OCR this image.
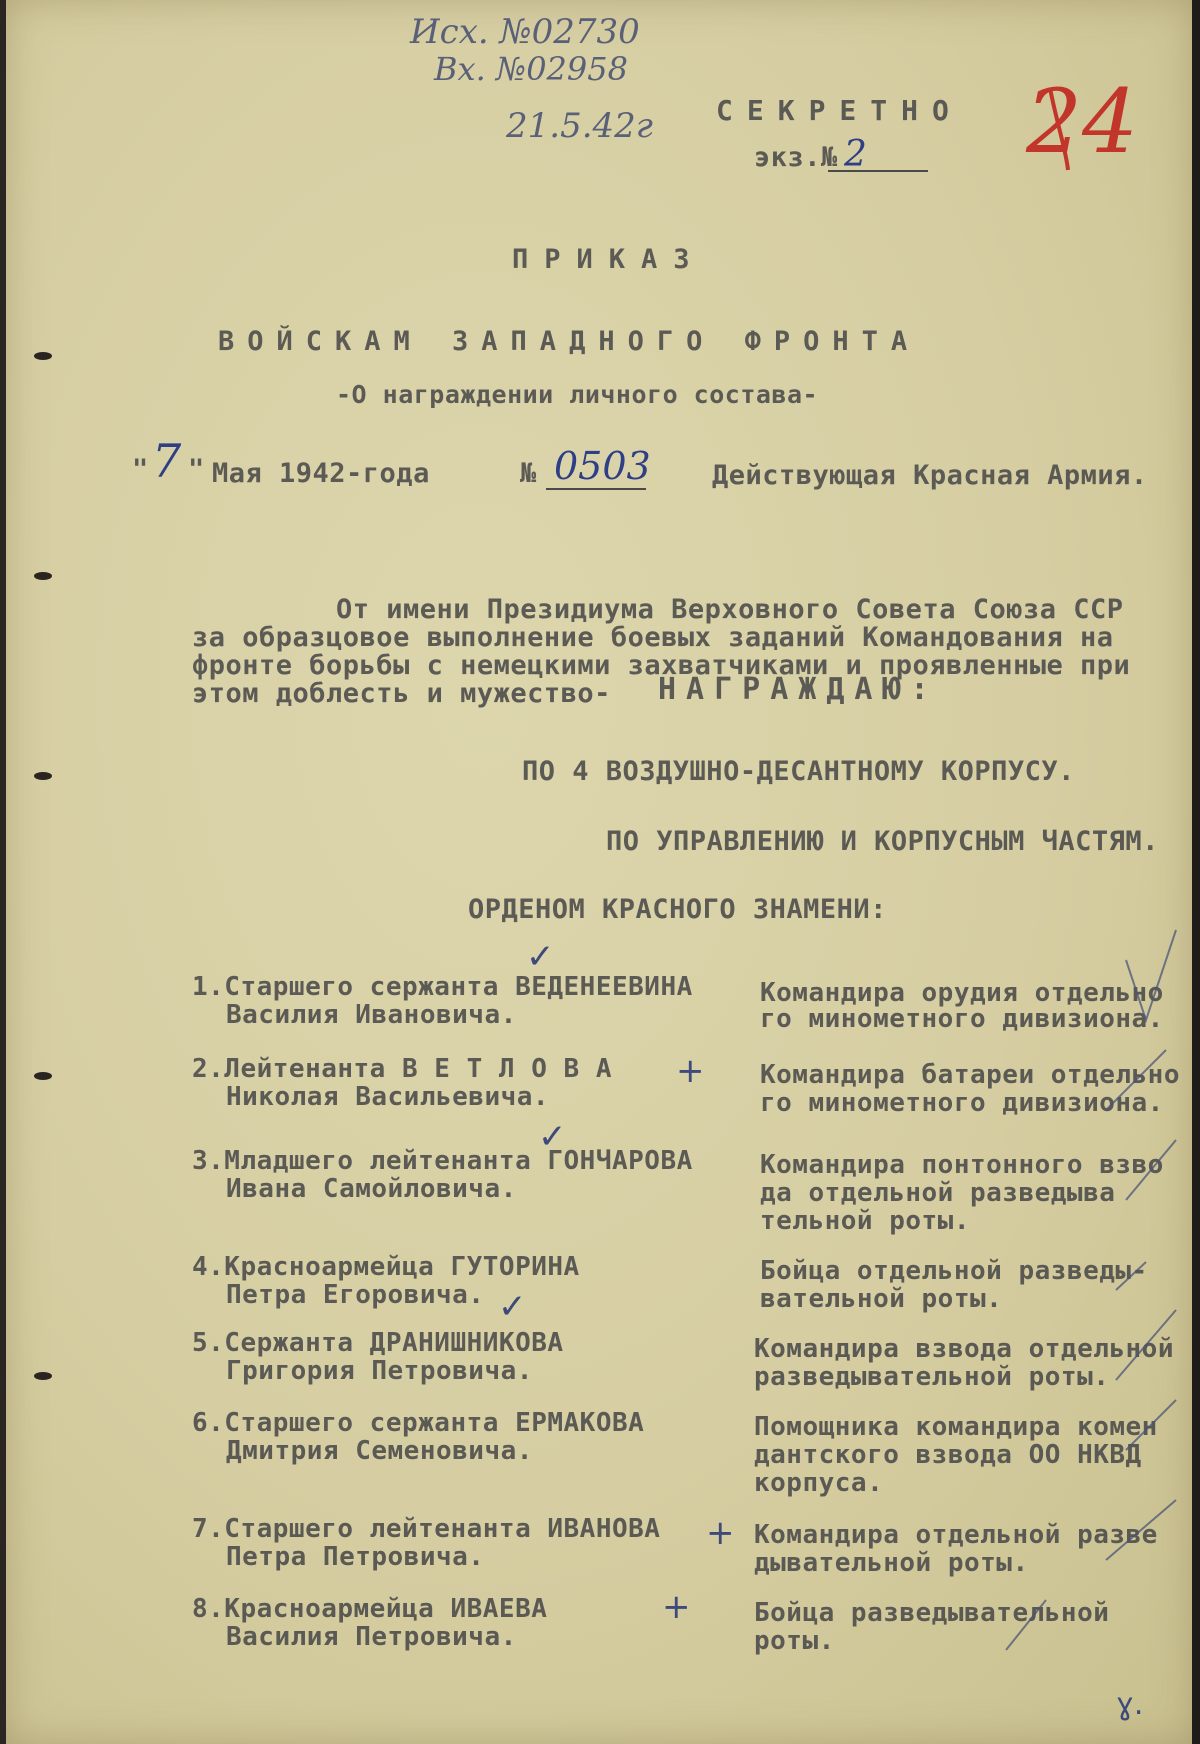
Исх. №02730
Вх. №02958
21.5.42г	24
СЕКРЕТНО
экз.№ 2
ПРИКАЗ
ВОЙСКАМ ЗАПАДНОГО ФРОНТА
-О награждении личного состава-
" 7 " Мая 1942-года	№ 0503 Действующая Красная Армия.
От имени Президиума Верховного Совета Союза ССР
за образцовое выполнение боевых заданий Командования на
фронте борьбы с немецкими захватчиками и проявленные при
этом доблесть и мужество- НАГРАЖДАЮ:
ПО 4 ВОЗДУШНО-ДЕСАНТНОМУ КОРПУСУ.
ПО УПРАВЛЕНИЮ И КОРПУСНЫМ ЧАСТЯМ.
ОРДЕНОМ КРАСНОГО ЗНАМЕНИ:
1.Старшего сержанта ВЕДЕНЕЕВИНА
Василия Ивановича.
Командира орудия отдельно
го минометного дивизиона.
2.Лейтенанта В Е Т Л О В А
Николая Васильевича.
Командира батареи отдельно
го минометного дивизиона.
3.Младшего лейтенанта ГОНЧАРОВА
Ивана Самойловича.
Командира понтонного взво
да отдельной разведыва
тельной роты.
4.Красноармейца ГУТОРИНА
Петра Егоровича.
Бойца отдельной разведы-
вательной роты.
5.Сержанта ДРАНИШНИКОВА
Григория Петровича.
Командира взвода отдельной
разведывательной роты.
6.Старшего сержанта ЕРМАКОВА
Дмитрия Семеновича.
Помощника командира комен
дантского взвода ОО НКВД
корпуса.
7.Старшего лейтенанта ИВАНОВА
Петра Петровича.
Командира отдельной разве
дывательной роты.
8.Красноармейца ИВАЕВА
Василия Петровича.
Бойца разведывательной
роты.
✓
+
✓
✓
+
+
ɣ.
